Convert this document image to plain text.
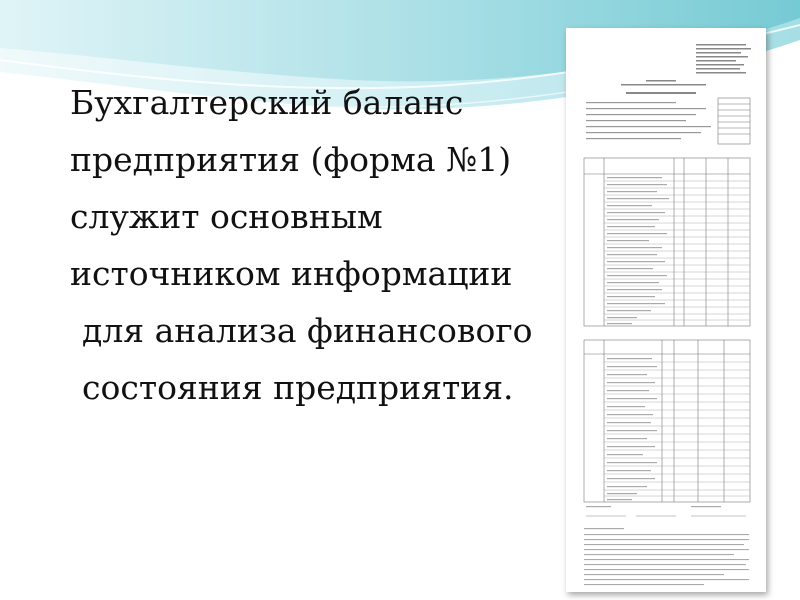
Бухгалтерский баланс
предприятия (форма №1)
служит основным
источником информации
для анализа финансового
состояния предприятия.
